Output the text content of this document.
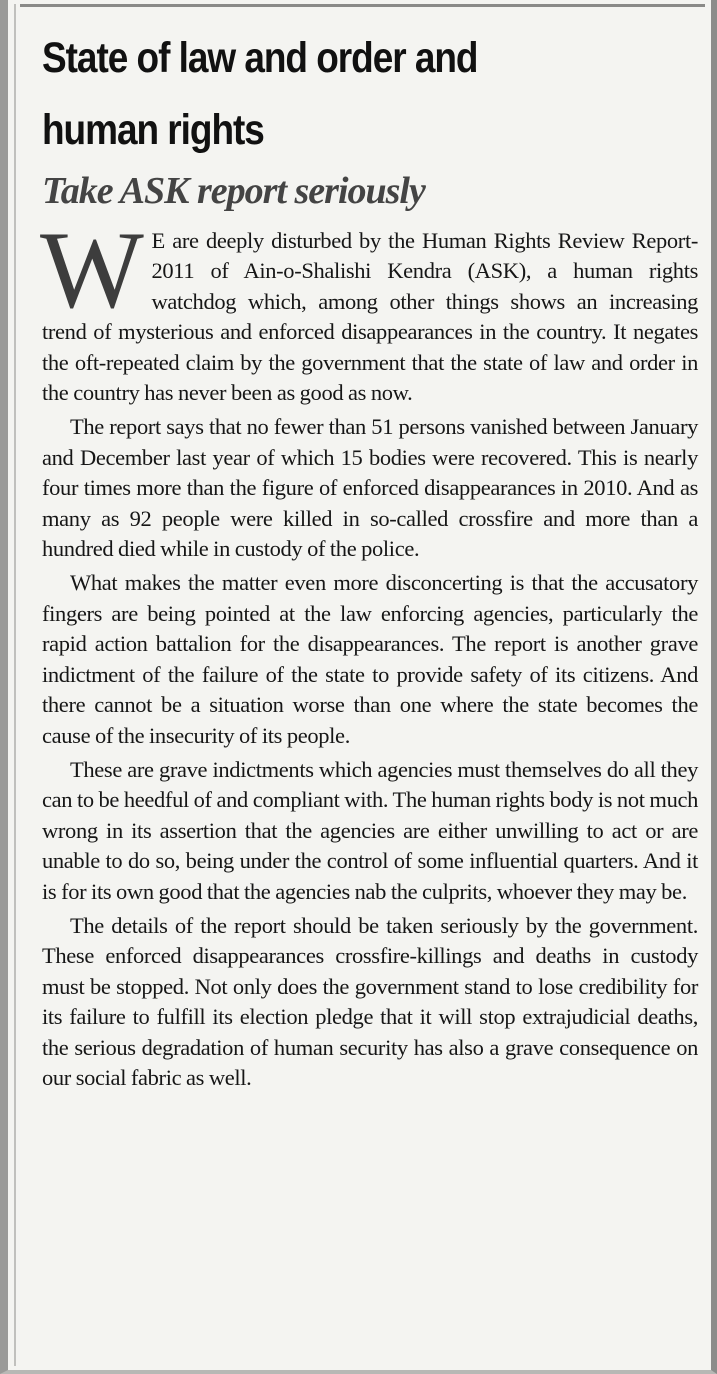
State of law and order and
human rights
Take ASK report seriously

W E are deeply disturbed by the Human Rights Review Report-2011 of Ain-o-Shalishi Kendra (ASK), a human rights watchdog which, among other things shows an increasing trend of mysterious and enforced disappearances in the country. It negates the oft-repeated claim by the government that the state of law and order in the country has never been as good as now.

The report says that no fewer than 51 persons vanished between January and December last year of which 15 bodies were recovered. This is nearly four times more than the figure of enforced disappearances in 2010. And as many as 92 people were killed in so-called crossfire and more than a hundred died while in custody of the police.

What makes the matter even more disconcerting is that the accusatory fingers are being pointed at the law enforcing agencies, particularly the rapid action battalion for the disappearances. The report is another grave indictment of the failure of the state to provide safety of its citizens. And there cannot be a situation worse than one where the state becomes the cause of the insecurity of its people.

These are grave indictments which agencies must themselves do all they can to be heedful of and compliant with. The human rights body is not much wrong in its assertion that the agencies are either unwilling to act or are unable to do so, being under the control of some influential quarters. And it is for its own good that the agencies nab the culprits, whoever they may be.

The details of the report should be taken seriously by the government. These enforced disappearances crossfire-killings and deaths in custody must be stopped. Not only does the government stand to lose credibility for its failure to fulfill its election pledge that it will stop extrajudicial deaths, the serious degradation of human security has also a grave consequence on our social fabric as well.
